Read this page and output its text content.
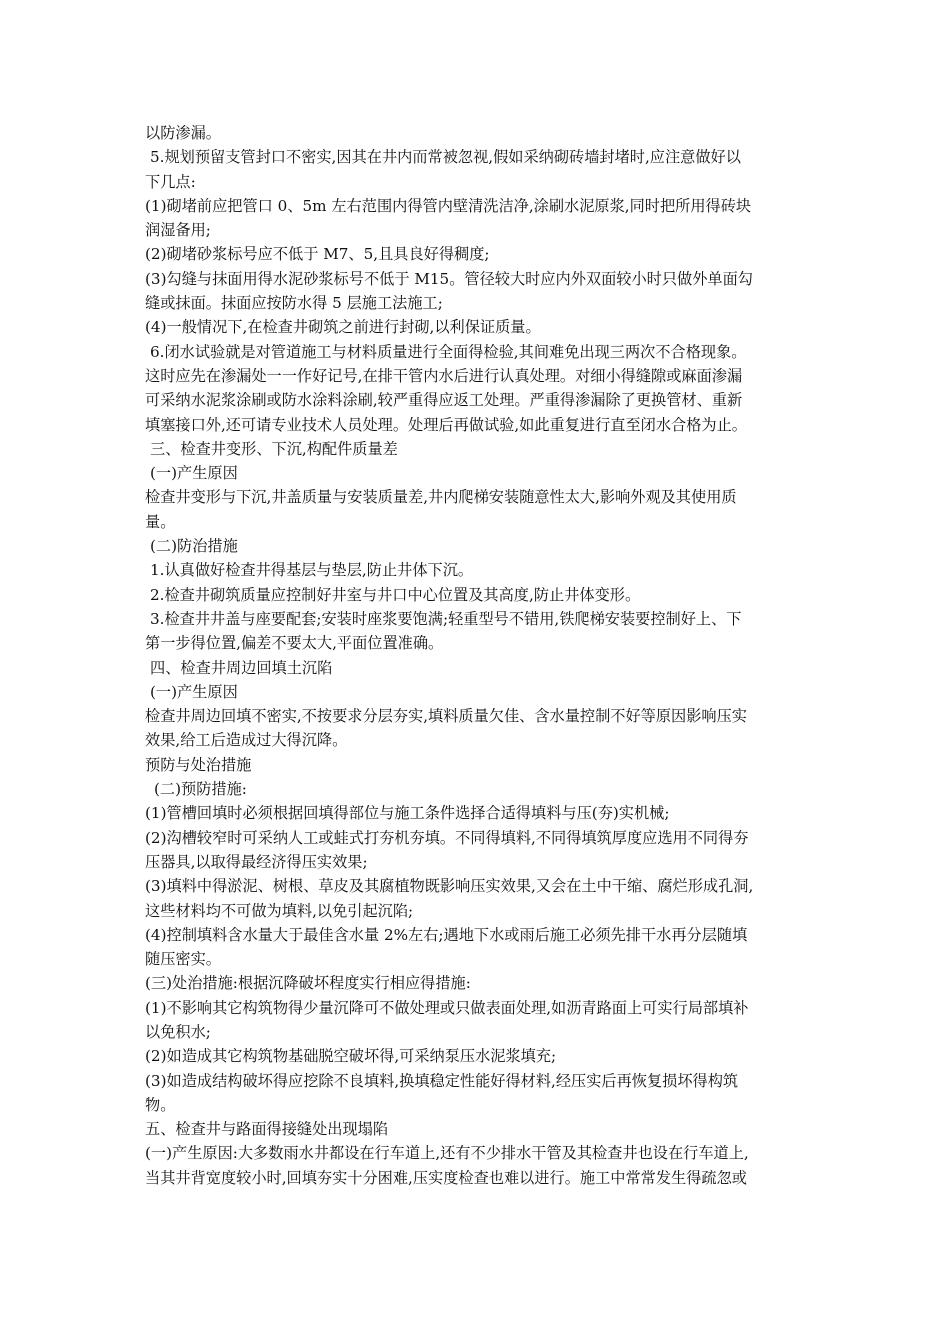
以防渗漏。
5.规划预留支管封口不密实,因其在井内而常被忽视,假如采纳砌砖墙封堵时,应注意做好以
下几点:
(1)砌堵前应把管口 0、5m 左右范围内得管内壁清洗洁净,涂刷水泥原浆,同时把所用得砖块
润湿备用;
(2)砌堵砂浆标号应不低于 M7、5,且具良好得稠度;
(3)勾缝与抹面用得水泥砂浆标号不低于 M15。管径较大时应内外双面较小时只做外单面勾
缝或抹面。抹面应按防水得 5 层施工法施工;
(4)一般情况下,在检查井砌筑之前进行封砌,以利保证质量。
6.闭水试验就是对管道施工与材料质量进行全面得检验,其间难免出现三两次不合格现象。
这时应先在渗漏处一一作好记号,在排干管内水后进行认真处理。对细小得缝隙或麻面渗漏
可采纳水泥浆涂刷或防水涂料涂刷,较严重得应返工处理。严重得渗漏除了更换管材、重新
填塞接口外,还可请专业技术人员处理。处理后再做试验,如此重复进行直至闭水合格为止。
三、检查井变形、下沉,构配件质量差
(一)产生原因
检查井变形与下沉,井盖质量与安装质量差,井内爬梯安装随意性太大,影响外观及其使用质
量。
(二)防治措施
1.认真做好检查井得基层与垫层,防止井体下沉。
2.检查井砌筑质量应控制好井室与井口中心位置及其高度,防止井体变形。
3.检查井井盖与座要配套;安装时座浆要饱满;轻重型号不错用,铁爬梯安装要控制好上、下
第一步得位置,偏差不要太大,平面位置准确。
四、检查井周边回填土沉陷
(一)产生原因
检查井周边回填不密实,不按要求分层夯实,填料质量欠佳、含水量控制不好等原因影响压实
效果,给工后造成过大得沉降。
预防与处治措施
(二)预防措施:
(1)管槽回填时必须根据回填得部位与施工条件选择合适得填料与压(夯)实机械;
(2)沟槽较窄时可采纳人工或蛙式打夯机夯填。不同得填料,不同得填筑厚度应选用不同得夯
压器具,以取得最经济得压实效果;
(3)填料中得淤泥、树根、草皮及其腐植物既影响压实效果,又会在土中干缩、腐烂形成孔洞,
这些材料均不可做为填料,以免引起沉陷;
(4)控制填料含水量大于最佳含水量 2%左右;遇地下水或雨后施工必须先排干水再分层随填
随压密实。
(三)处治措施:根据沉降破坏程度实行相应得措施:
(1)不影响其它构筑物得少量沉降可不做处理或只做表面处理,如沥青路面上可实行局部填补
以免积水;
(2)如造成其它构筑物基础脱空破坏得,可采纳泵压水泥浆填充;
(3)如造成结构破坏得应挖除不良填料,换填稳定性能好得材料,经压实后再恢复损坏得构筑
物。
五、检查井与路面得接缝处出现塌陷
(一)产生原因:大多数雨水井都设在行车道上,还有不少排水干管及其检查井也设在行车道上,
当其井背宽度较小时,回填夯实十分困难,压实度检查也难以进行。施工中常常发生得疏忽或
